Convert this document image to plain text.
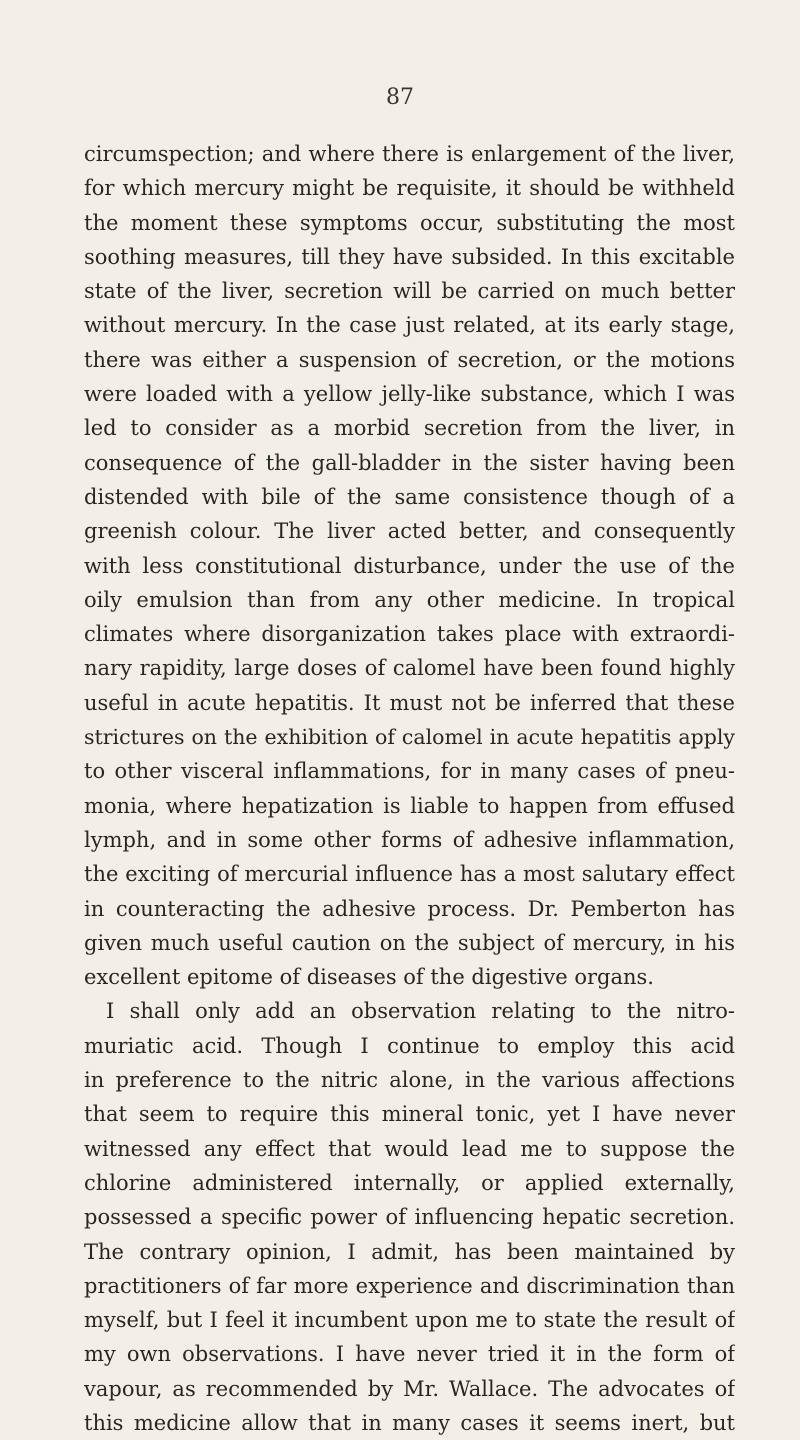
87
circumspection; and where there is enlargement of the liver,
for which mercury might be requisite, it should be withheld
the moment these symptoms occur, substituting the most
soothing measures, till they have subsided. In this excitable
state of the liver, secretion will be carried on much better
without mercury. In the case just related, at its early stage,
there was either a suspension of secretion, or the motions
were loaded with a yellow jelly-like substance, which I was
led to consider as a morbid secretion from the liver, in
consequence of the gall-bladder in the sister having been
distended with bile of the same consistence though of a
greenish colour. The liver acted better, and consequently
with less constitutional disturbance, under the use of the
oily emulsion than from any other medicine. In tropical
climates where disorganization takes place with extraordi-
nary rapidity, large doses of calomel have been found highly
useful in acute hepatitis. It must not be inferred that these
strictures on the exhibition of calomel in acute hepatitis apply
to other visceral inflammations, for in many cases of pneu-
monia, where hepatization is liable to happen from effused
lymph, and in some other forms of adhesive inflammation,
the exciting of mercurial influence has a most salutary effect
in counteracting the adhesive process. Dr. Pemberton has
given much useful caution on the subject of mercury, in his
excellent epitome of diseases of the digestive organs.
I shall only add an observation relating to the nitro-
muriatic acid. Though I continue to employ this acid
in preference to the nitric alone, in the various affections
that seem to require this mineral tonic, yet I have never
witnessed any effect that would lead me to suppose the
chlorine administered internally, or applied externally,
possessed a specific power of influencing hepatic secretion.
The contrary opinion, I admit, has been maintained by
practitioners of far more experience and discrimination than
myself, but I feel it incumbent upon me to state the result of
my own observations. I have never tried it in the form of
vapour, as recommended by Mr. Wallace. The advocates of
this medicine allow that in many cases it seems inert, but
